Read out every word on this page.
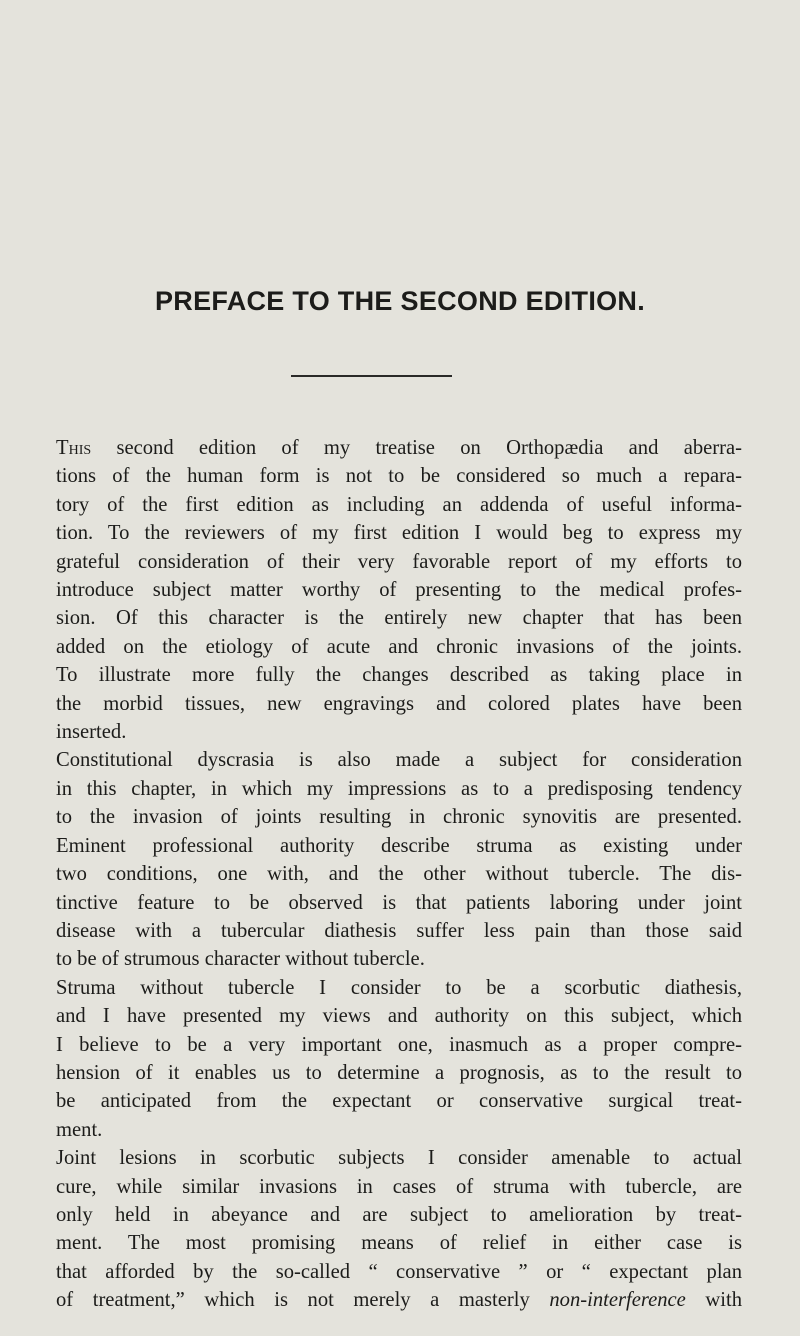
PREFACE TO THE SECOND EDITION.
This second edition of my treatise on Orthopædia and aberra-
tions of the human form is not to be considered so much a repara-
tory of the first edition as including an addenda of useful informa-
tion. To the reviewers of my first edition I would beg to express my
grateful consideration of their very favorable report of my efforts to
introduce subject matter worthy of presenting to the medical profes-
sion. Of this character is the entirely new chapter that has been
added on the etiology of acute and chronic invasions of the joints.
To illustrate more fully the changes described as taking place in
the morbid tissues, new engravings and colored plates have been
inserted.
Constitutional dyscrasia is also made a subject for consideration
in this chapter, in which my impressions as to a predisposing tendency
to the invasion of joints resulting in chronic synovitis are presented.
Eminent professional authority describe struma as existing under
two conditions, one with, and the other without tubercle. The dis-
tinctive feature to be observed is that patients laboring under joint
disease with a tubercular diathesis suffer less pain than those said
to be of strumous character without tubercle.
Struma without tubercle I consider to be a scorbutic diathesis,
and I have presented my views and authority on this subject, which
I believe to be a very important one, inasmuch as a proper compre-
hension of it enables us to determine a prognosis, as to the result to
be anticipated from the expectant or conservative surgical treat-
ment.
Joint lesions in scorbutic subjects I consider amenable to actual
cure, while similar invasions in cases of struma with tubercle, are
only held in abeyance and are subject to amelioration by treat-
ment. The most promising means of relief in either case is
that afforded by the so-called “ conservative ” or “ expectant plan
of treatment,” which is not merely a masterly non-interference with
